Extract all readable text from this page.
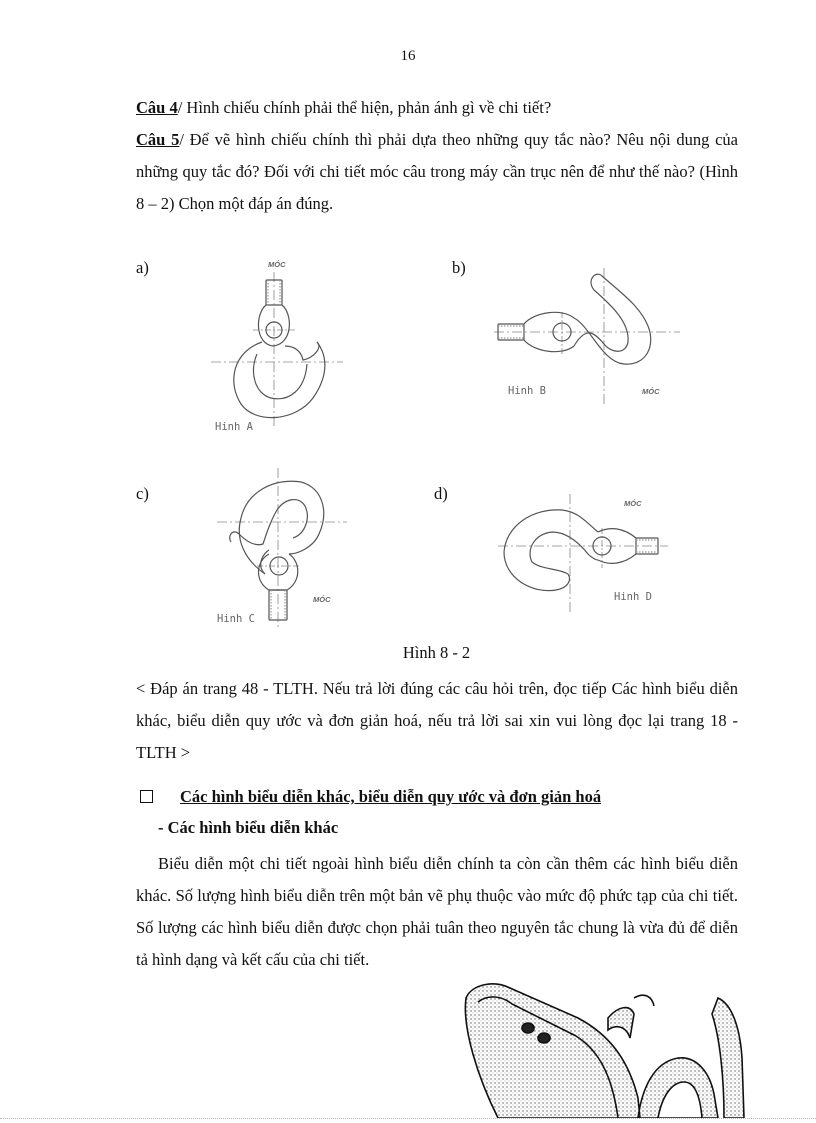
16
Câu 4/ Hình chiếu chính phải thể hiện, phản ánh gì về chi tiết?
Câu 5/ Để vẽ hình chiếu chính thì phải dựa theo những quy tắc nào? Nêu nội dung của những quy tắc đó? Đối với chi tiết móc câu trong máy cần trục nên để như thế nào? (Hình 8 – 2) Chọn một đáp án đúng.
a)	b)
c)	d)
MÓC
Hinh A
Hinh B	MÓC
MÓC
Hinh C
MÓC
Hinh D
Hình 8 - 2
< Đáp án trang 48 - TLTH. Nếu trả lời đúng các câu hỏi trên, đọc tiếp Các hình biểu diễn khác, biểu diễn quy ước và đơn giản hoá, nếu trả lời sai xin vui lòng đọc lại trang 18 - TLTH >
Các hình biểu diễn khác, biểu diễn quy ước và đơn giản hoá
- Các hình biểu diễn khác
Biểu diễn một chi tiết ngoài hình biểu diễn chính ta còn cần thêm các hình biểu diễn khác. Số lượng hình biểu diễn trên một bản vẽ phụ thuộc vào mức độ phức tạp của chi tiết. Số lượng các hình biểu diễn được chọn phải tuân theo nguyên tắc chung là vừa đủ để diễn tả hình dạng và kết cấu của chi tiết.
